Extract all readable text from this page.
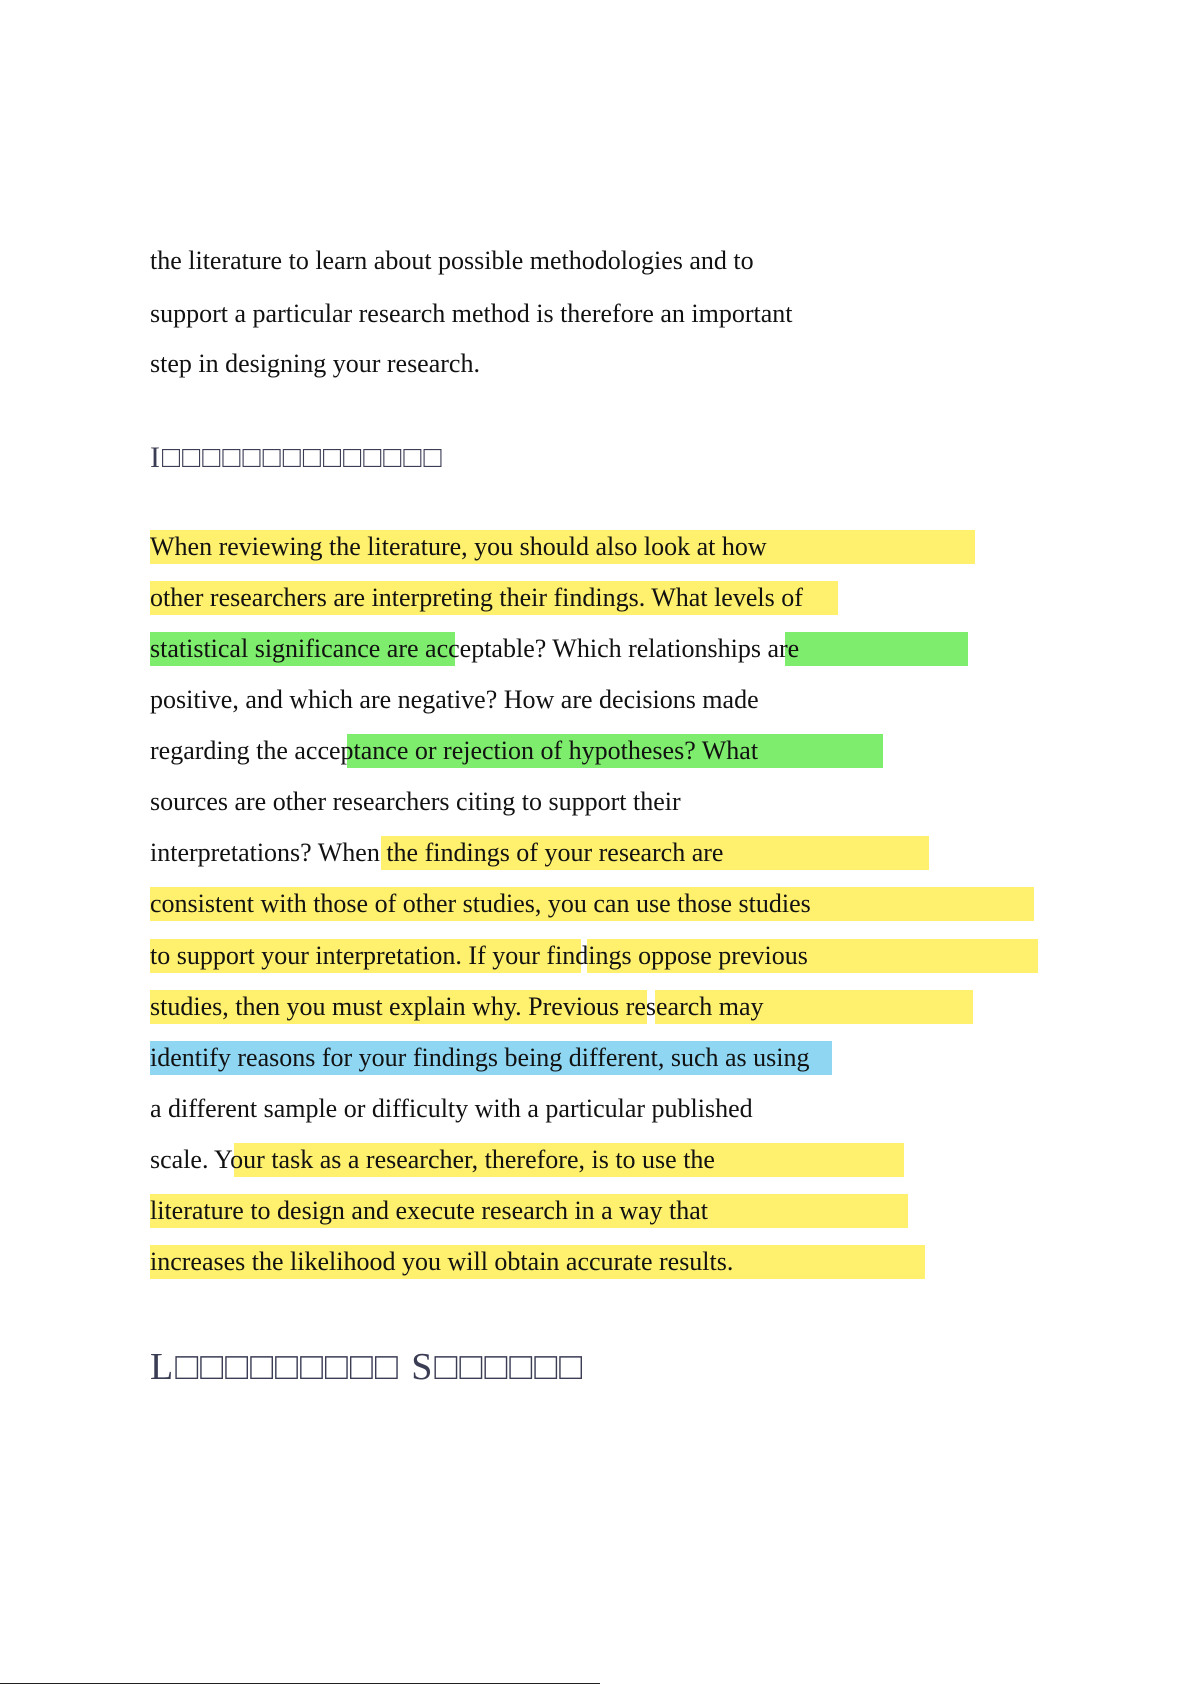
the literature to learn about possible methodologies and to
support a particular research method is therefore an important
step in designing your research.
I□□□□□□□□□□□□□□
When reviewing the literature, you should also look at how
other researchers are interpreting their findings. What levels of
statistical significance are acceptable? Which relationships are
positive, and which are negative? How are decisions made
regarding the acceptance or rejection of hypotheses? What
sources are other researchers citing to support their
interpretations? When the findings of your research are
consistent with those of other studies, you can use those studies
to support your interpretation. If your findings oppose previous
studies, then you must explain why. Previous research may
identify reasons for your findings being different, such as using
a different sample or difficulty with a particular published
scale. Your task as a researcher, therefore, is to use the
literature to design and execute research in a way that
increases the likelihood you will obtain accurate results.
L□□□□□□□□□ S□□□□□□
